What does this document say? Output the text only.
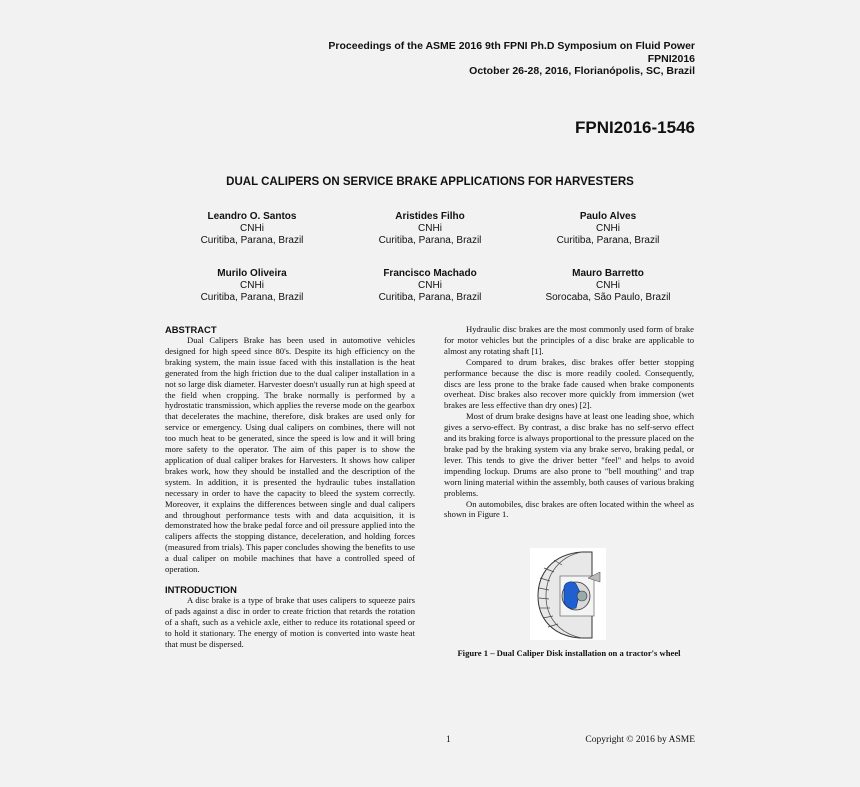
Proceedings of the ASME 2016 9th FPNI Ph.D Symposium on Fluid Power
FPNI2016
October 26-28, 2016, Florianópolis, SC, Brazil
FPNI2016-1546
DUAL CALIPERS ON SERVICE BRAKE APPLICATIONS FOR HARVESTERS
Leandro O. Santos
CNHi
Curitiba, Parana, Brazil
Aristides Filho
CNHi
Curitiba, Parana, Brazil
Paulo Alves
CNHi
Curitiba, Parana, Brazil
Murilo Oliveira
CNHi
Curitiba, Parana, Brazil
Francisco Machado
CNHi
Curitiba, Parana, Brazil
Mauro Barretto
CNHi
Sorocaba, São Paulo, Brazil
ABSTRACT

Dual Calipers Brake has been used in automotive vehicles designed for high speed since 80's. Despite its high efficiency on the braking system, the main issue faced with this installation is the heat generated from the high friction due to the dual caliper installation in a not so large disk diameter. Harvester doesn't usually run at high speed at the field when cropping. The brake normally is performed by a hydrostatic transmission, which applies the reverse mode on the gearbox that decelerates the machine, therefore, disk brakes are used only for service or emergency. Using dual calipers on combines, there will not too much heat to be generated, since the speed is low and it will bring more safety to the operator. The aim of this paper is to show the application of dual caliper brakes for Harvesters. It shows how caliper brakes work, how they should be installed and the description of the system. In addition, it is presented the hydraulic tubes installation necessary in order to have the capacity to bleed the system correctly. Moreover, it explains the differences between single and dual calipers and throughout performance tests with and data acquisition, it is demonstrated how the brake pedal force and oil pressure applied into the calipers affects the stopping distance, deceleration, and holding forces (measured from trials). This paper concludes showing the benefits to use a dual caliper on mobile machines that have a controlled speed of operation.

INTRODUCTION

A disc brake is a type of brake that uses calipers to squeeze pairs of pads against a disc in order to create friction that retards the rotation of a shaft, such as a vehicle axle, either to reduce its rotational speed or to hold it stationary. The energy of motion is converted into waste heat that must be dispersed.

Hydraulic disc brakes are the most commonly used form of brake for motor vehicles but the principles of a disc brake are applicable to almost any rotating shaft [1].

Compared to drum brakes, disc brakes offer better stopping performance because the disc is more readily cooled. Consequently, discs are less prone to the brake fade caused when brake components overheat. Disc brakes also recover more quickly from immersion (wet brakes are less effective than dry ones) [2].

Most of drum brake designs have at least one leading shoe, which gives a servo-effect. By contrast, a disc brake has no self-servo effect and its braking force is always proportional to the pressure placed on the brake pad by the braking system via any brake servo, braking pedal, or lever. This tends to give the driver better "feel" and helps to avoid impending lockup. Drums are also prone to "bell mouthing" and trap worn lining material within the assembly, both causes of various braking problems.

On automobiles, disc brakes are often located within the wheel as shown in Figure 1.

Figure 1 – Dual Caliper Disk installation on a tractor's wheel
1	Copyright © 2016 by ASME
